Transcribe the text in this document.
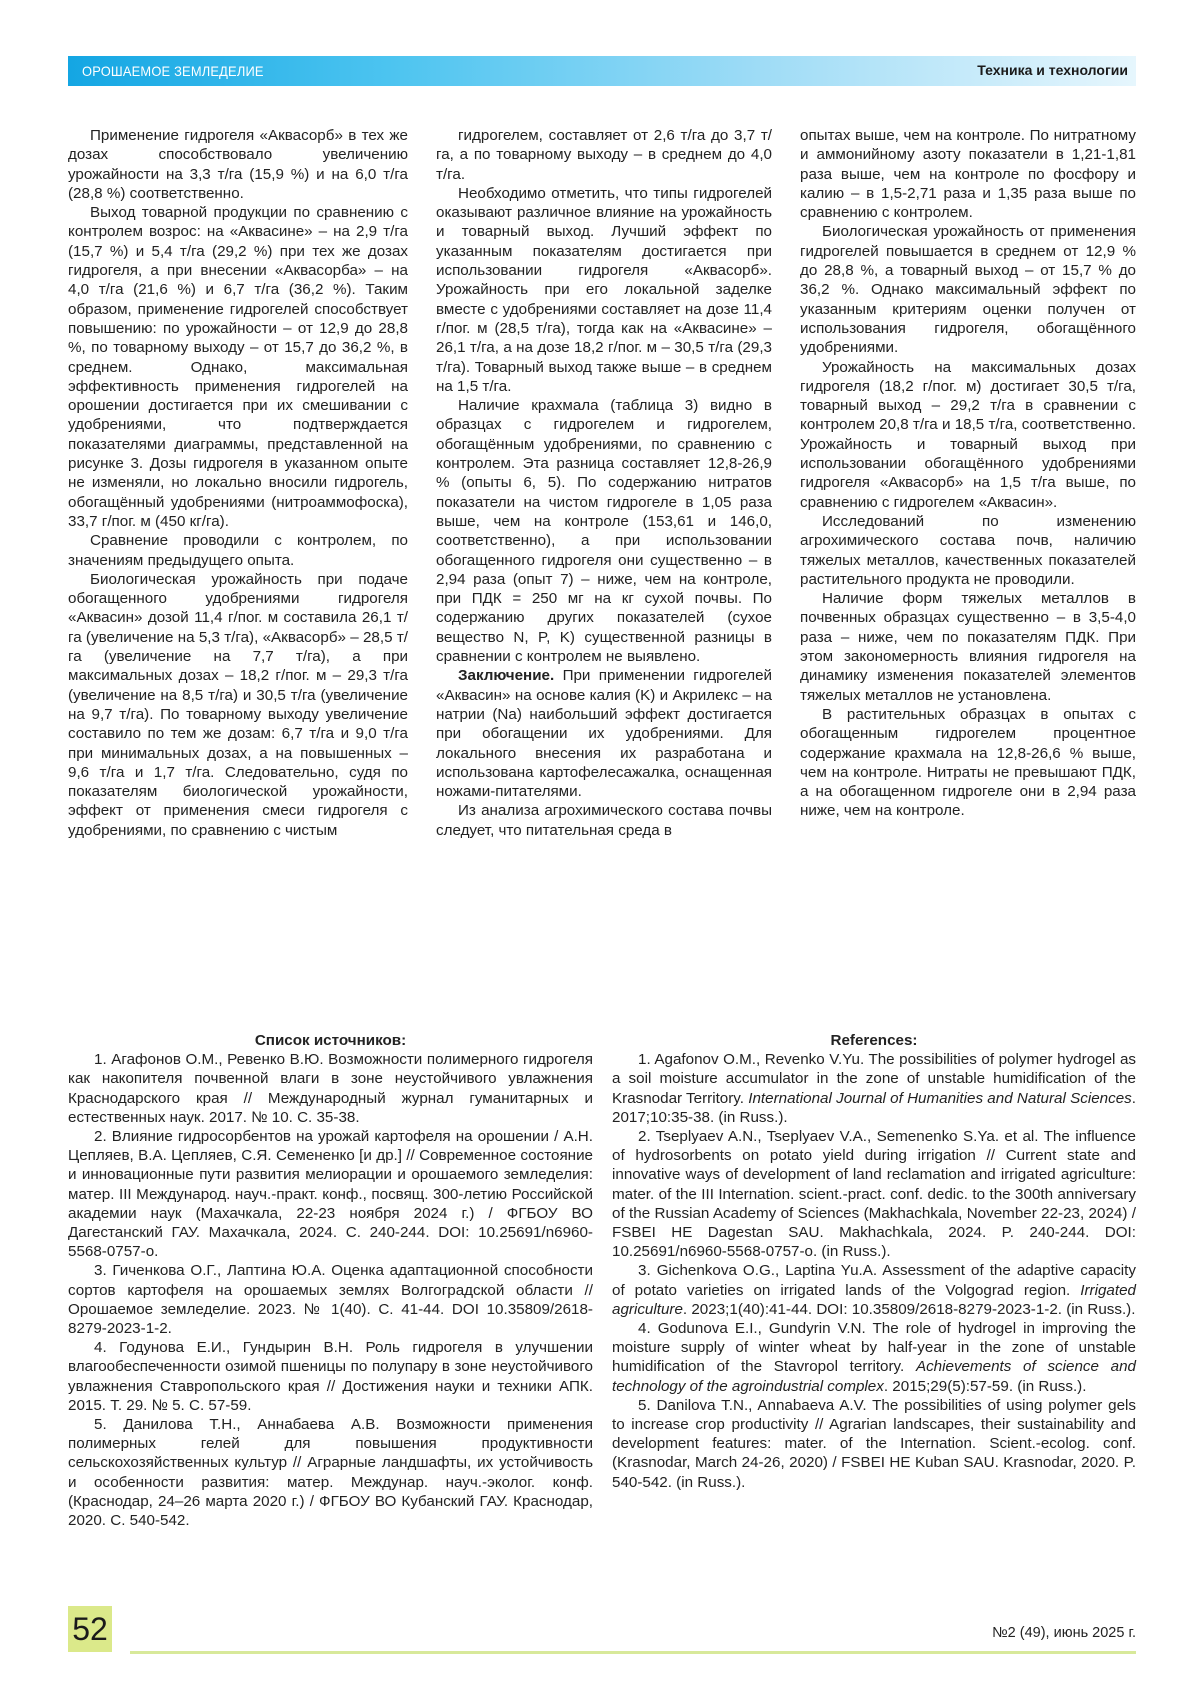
ОРОШАЕМОЕ ЗЕМЛЕДЕЛИЕ	Техника и технологии

Применение гидрогеля «Аквасорб» в тех же дозах способствовало увеличению урожайности на 3,3 т/га (15,9 %) и на 6,0 т/га (28,8 %) соответственно.

Выход товарной продукции по сравнению с контролем возрос: на «Аквасине» – на 2,9 т/га (15,7 %) и 5,4 т/га (29,2 %) при тех же дозах гидрогеля, а при внесении «Аквасорба» – на 4,0 т/га (21,6 %) и 6,7 т/га (36,2 %). Таким образом, применение гидрогелей способствует повышению: по урожайности – от 12,9 до 28,8 %, по товарному выходу – от 15,7 до 36,2 %, в среднем. Однако, максимальная эффективность применения гидрогелей на орошении достигается при их смешивании с удобрениями, что подтверждается показателями диаграммы, представленной на рисунке 3. Дозы гидрогеля в указанном опыте не изменяли, но локально вносили гидрогель, обогащённый удобрениями (нитроаммофоска), 33,7 г/пог. м (450 кг/га).

Сравнение проводили с контролем, по значениям предыдущего опыта.

Биологическая урожайность при подаче обогащенного удобрениями гидрогеля «Аквасин» дозой 11,4 г/пог. м составила 26,1 т/га (увеличение на 5,3 т/га), «Аквасорб» – 28,5 т/га (увеличение на 7,7 т/га), а при максимальных дозах – 18,2 г/пог. м – 29,3 т/га (увеличение на 8,5 т/га) и 30,5 т/га (увеличение на 9,7 т/га). По товарному выходу увеличение составило по тем же дозам: 6,7 т/га и 9,0 т/га при минимальных дозах, а на повышенных – 9,6 т/га и 1,7 т/га. Следовательно, судя по показателям биологической урожайности, эффект от применения смеси гидрогеля с удобрениями, по сравнению с чистым

гидрогелем, составляет от 2,6 т/га до 3,7 т/га, а по товарному выходу – в среднем до 4,0 т/га.

Необходимо отметить, что типы гидрогелей оказывают различное влияние на урожайность и товарный выход. Лучший эффект по указанным показателям достигается при использовании гидрогеля «Аквасорб». Урожайность при его локальной заделке вместе с удобрениями составляет на дозе 11,4 г/пог. м (28,5 т/га), тогда как на «Аквасине» – 26,1 т/га, а на дозе 18,2 г/пог. м – 30,5 т/га (29,3 т/га). Товарный выход также выше – в среднем на 1,5 т/га.

Наличие крахмала (таблица 3) видно в образцах с гидрогелем и гидрогелем, обогащённым удобрениями, по сравнению с контролем. Эта разница составляет 12,8-26,9 % (опыты 6, 5). По содержанию нитратов показатели на чистом гидрогеле в 1,05 раза выше, чем на контроле (153,61 и 146,0, соответственно), а при использовании обогащенного гидрогеля они существенно – в 2,94 раза (опыт 7) – ниже, чем на контроле, при ПДК = 250 мг на кг сухой почвы. По содержанию других показателей (сухое вещество N, P, K) существенной разницы в сравнении с контролем не выявлено.

Заключение. При применении гидрогелей «Аквасин» на основе калия (K) и Акрилекс – на натрии (Na) наибольший эффект достигается при обогащении их удобрениями. Для локального внесения их разработана и использована картофелесажалка, оснащенная ножами-питателями.

Из анализа агрохимического состава почвы следует, что питательная среда в

опытах выше, чем на контроле. По нитратному и аммонийному азоту показатели в 1,21-1,81 раза выше, чем на контроле по фосфору и калию – в 1,5-2,71 раза и 1,35 раза выше по сравнению с контролем.

Биологическая урожайность от применения гидрогелей повышается в среднем от 12,9 % до 28,8 %, а товарный выход – от 15,7 % до 36,2 %. Однако максимальный эффект по указанным критериям оценки получен от использования гидрогеля, обогащённого удобрениями.

Урожайность на максимальных дозах гидрогеля (18,2 г/пог. м) достигает 30,5 т/га, товарный выход – 29,2 т/га в сравнении с контролем 20,8 т/га и 18,5 т/га, соответственно. Урожайность и товарный выход при использовании обогащённого удобрениями гидрогеля «Аквасорб» на 1,5 т/га выше, по сравнению с гидрогелем «Аквасин».

Исследований по изменению агрохимического состава почв, наличию тяжелых металлов, качественных показателей растительного продукта не проводили.

Наличие форм тяжелых металлов в почвенных образцах существенно – в 3,5-4,0 раза – ниже, чем по показателям ПДК. При этом закономерность влияния гидрогеля на динамику изменения показателей элементов тяжелых металлов не установлена.

В растительных образцах в опытах с обогащенным гидрогелем процентное содержание крахмала на 12,8-26,6 % выше, чем на контроле. Нитраты не превышают ПДК, а на обогащенном гидрогеле они в 2,94 раза ниже, чем на контроле.

Список источников:

1. Агафонов О.М., Ревенко В.Ю. Возможности полимерного гидрогеля как накопителя почвенной влаги в зоне неустойчивого увлажнения Краснодарского края // Международный журнал гуманитарных и естественных наук. 2017. № 10. С. 35-38.

2. Влияние гидросорбентов на урожай картофеля на орошении / А.Н. Цепляев, В.А. Цепляев, С.Я. Семененко [и др.] // Современное состояние и инновационные пути развития мелиорации и орошаемого земледелия: матер. III Международ. науч.-практ. конф., посвящ. 300-летию Российской академии наук (Махачкала, 22-23 ноября 2024 г.) / ФГБОУ ВО Дагестанский ГАУ. Махачкала, 2024. С. 240-244. DOI: 10.25691/n6960-5568-0757-o.

3. Гиченкова О.Г., Лаптина Ю.А. Оценка адаптационной способности сортов картофеля на орошаемых землях Волгоградской области // Орошаемое земледелие. 2023. № 1(40). С. 41-44. DOI 10.35809/2618-8279-2023-1-2.

4. Годунова Е.И., Гундырин В.Н. Роль гидрогеля в улучшении влагообеспеченности озимой пшеницы по полупару в зоне неустойчивого увлажнения Ставропольского края // Достижения науки и техники АПК. 2015. Т. 29. № 5. С. 57-59.

5. Данилова Т.Н., Аннабаева А.В. Возможности применения полимерных гелей для повышения продуктивности сельскохозяйственных культур // Аграрные ландшафты, их устойчивость и особенности развития: матер. Междунар. науч.-эколог. конф. (Краснодар, 24–26 марта 2020 г.) / ФГБОУ ВО Кубанский ГАУ. Краснодар, 2020. С. 540-542.

References:

1. Agafonov O.M., Revenko V.Yu. The possibilities of polymer hydrogel as a soil moisture accumulator in the zone of unstable humidification of the Krasnodar Territory. International Journal of Humanities and Natural Sciences. 2017;10:35-38. (in Russ.).

2. Tseplyaev A.N., Tseplyaev V.A., Semenenko S.Ya. et al. The influence of hydrosorbents on potato yield during irrigation // Current state and innovative ways of development of land reclamation and irrigated agriculture: mater. of the III Internation. scient.-pract. conf. dedic. to the 300th anniversary of the Russian Academy of Sciences (Makhachkala, November 22-23, 2024) / FSBEI HE Dagestan SAU. Makhachkala, 2024. P. 240-244. DOI: 10.25691/n6960-5568-0757-o. (in Russ.).

3. Gichenkova O.G., Laptina Yu.A. Assessment of the adaptive capacity of potato varieties on irrigated lands of the Volgograd region. Irrigated agriculture. 2023;1(40):41-44. DOI: 10.35809/2618-8279-2023-1-2. (in Russ.).

4. Godunova E.I., Gundyrin V.N. The role of hydrogel in improving the moisture supply of winter wheat by half-year in the zone of unstable humidification of the Stavropol territory. Achievements of science and technology of the agroindustrial complex. 2015;29(5):57-59. (in Russ.).

5. Danilova T.N., Annabaeva A.V. The possibilities of using polymer gels to increase crop productivity // Agrarian landscapes, their sustainability and development features: mater. of the Internation. Scient.-ecolog. conf. (Krasnodar, March 24-26, 2020) / FSBEI HE Kuban SAU. Krasnodar, 2020. P. 540-542. (in Russ.).

52	№2 (49), июнь 2025 г.
